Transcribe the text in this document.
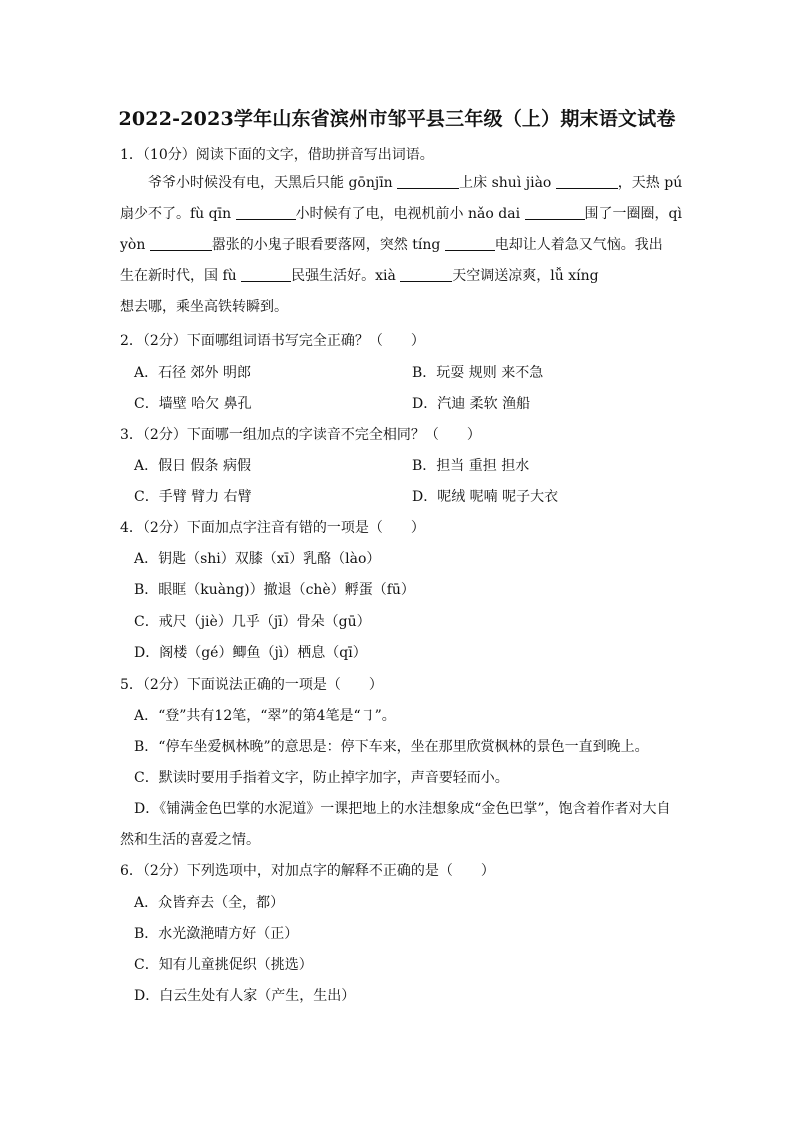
2022-2023学年山东省滨州市邹平县三年级（上）期末语文试卷
1．（10分）阅读下面的文字，借助拼音写出词语。
爷爷小时候没有电，天黑后只能 gōnjīn	上床 shuì jiào	，天热 pú
扇少不了。fù qīn	小时候有了电，电视机前小 nǎo dai	围了一圈圈，qì
yòn	嚣张的小鬼子眼看要落网，突然 tíng	电却让人着急又气恼。我出
生在新时代，国 fù	民强生活好。xià	天空调送凉爽，lǚ xíng
想去哪，乘坐高铁转瞬到。
2．（2分）下面哪组词语书写完全正确？（　　）
A．石径 郊外 明郎	B．玩耍 规则 来不急
C．墙壁 哈欠 鼻孔	D．汽迪 柔软 渔船
3．（2分）下面哪一组加点的字读音不完全相同？（　　）
A．假日 假条 病假	B．担当 重担 担水
C．手臂 臂力 右臂	D．呢绒 呢喃 呢子大衣
4．（2分）下面加点字注音有错的一项是（　　）
A．钥匙（shi）双膝（xī）乳酪（lào）
B．眼眶（kuàng)）撤退（chè）孵蛋（fū）
C．戒尺（jiè）几乎（jī）骨朵（gū）
D．阁楼（gé）鲫鱼（jì）栖息（qī）
5．（2分）下面说法正确的一项是（　　）
A．“登”共有12笔，“翠”的第4笔是“㇆”。
B．“停车坐爱枫林晚”的意思是：停下车来，坐在那里欣赏枫林的景色一直到晚上。
C．默读时要用手指着文字，防止掉字加字，声音要轻而小。
D．《铺满金色巴掌的水泥道》一课把地上的水洼想象成“金色巴掌”，饱含着作者对大自
然和生活的喜爱之情。
6．（2分）下列选项中，对加点字的解释不正确的是（　　）
A．众皆弃去（全，都）
B．水光潋滟晴方好（正）
C．知有儿童挑促织（挑选）
D．白云生处有人家（产生，生出）
